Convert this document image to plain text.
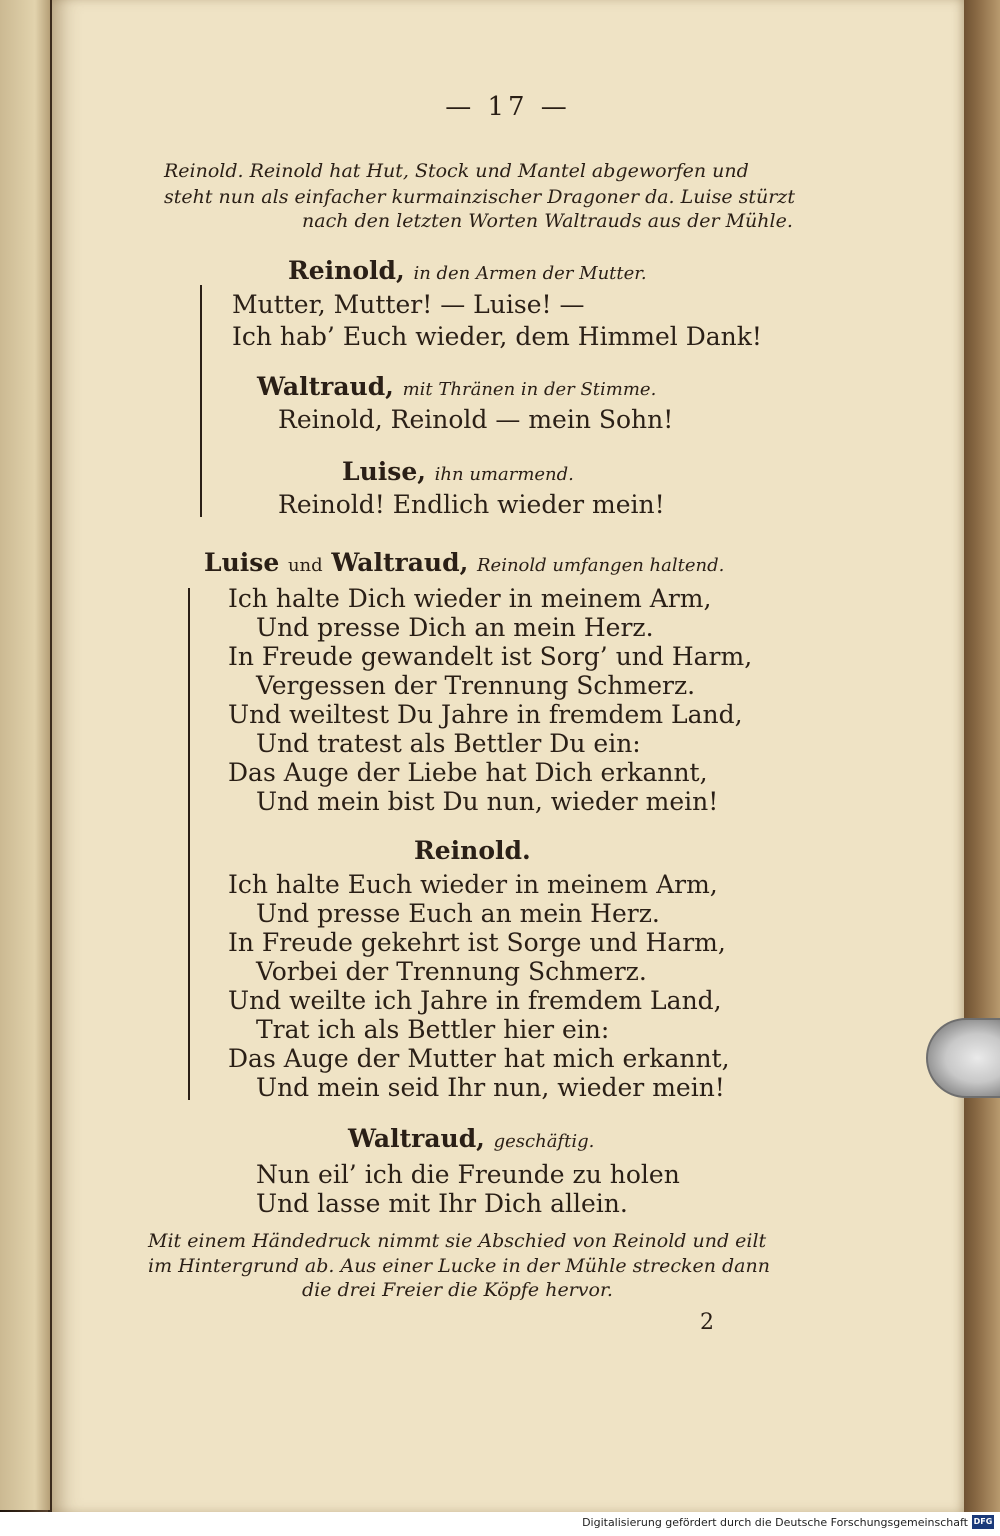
— 17 —
Reinold. Reinold hat Hut, Stock und Mantel abgeworfen und
steht nun als einfacher kurmainzischer Dragoner da. Luise stürzt
nach den letzten Worten Waltrauds aus der Mühle.
Reinold, in den Armen der Mutter.
Mutter, Mutter! — Luise! —
Ich hab’ Euch wieder, dem Himmel Dank!
Waltraud, mit Thränen in der Stimme.
Reinold, Reinold — mein Sohn!
Luise, ihn umarmend.
Reinold! Endlich wieder mein!
Luise und Waltraud, Reinold umfangen haltend.
Ich halte Dich wieder in meinem Arm,
Und presse Dich an mein Herz.
In Freude gewandelt ist Sorg’ und Harm,
Vergessen der Trennung Schmerz.
Und weiltest Du Jahre in fremdem Land,
Und tratest als Bettler Du ein:
Das Auge der Liebe hat Dich erkannt,
Und mein bist Du nun, wieder mein!
Reinold.
Ich halte Euch wieder in meinem Arm,
Und presse Euch an mein Herz.
In Freude gekehrt ist Sorge und Harm,
Vorbei der Trennung Schmerz.
Und weilte ich Jahre in fremdem Land,
Trat ich als Bettler hier ein:
Das Auge der Mutter hat mich erkannt,
Und mein seid Ihr nun, wieder mein!
Waltraud, geschäftig.
Nun eil’ ich die Freunde zu holen
Und lasse mit Ihr Dich allein.
Mit einem Händedruck nimmt sie Abschied von Reinold und eilt
im Hintergrund ab. Aus einer Lucke in der Mühle strecken dann
die drei Freier die Köpfe hervor.
2
Digitalisierung gefördert durch die Deutsche Forschungsgemeinschaft DFG
